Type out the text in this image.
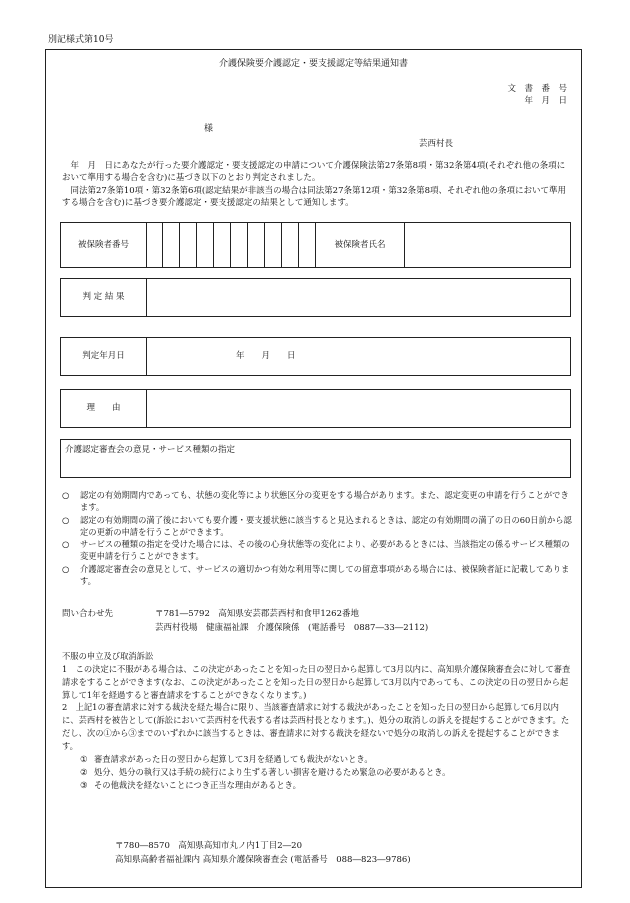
別記様式第10号
介護保険要介護認定・要支援認定等結果通知書
文　書　番　号
年　月　日
様
芸西村長

年　月　日にあなたが行った要介護認定・要支援認定の申請について介護保険法第27条第8項・第32条第4項(それぞれ他の条項において準用する場合を含む)に基づき以下のとおり判定されました。

同法第27条第10項・第32条第6項(認定結果が非該当の場合は同法第27条第12項・第32条第8項、それぞれ他の条項において準用する場合を含む)に基づき要介護認定・要支援認定の結果として通知します。

被保険者番号	被保険者氏名
判 定 結 果
判定年月日	年　　月　　日
理　　由
介護認定審査会の意見・サービス種類の指定
○ 認定の有効期間内であっても、状態の変化等により状態区分の変更をする場合があります。また、認定変更の申請を行うことができます。
○ 認定の有効期間の満了後においても要介護・要支援状態に該当すると見込まれるときは、認定の有効期間の満了の日の60日前から認定の更新の申請を行うことができます。
○ サービスの種類の指定を受けた場合には、その後の心身状態等の変化により、必要があるときには、当該指定の係るサービス種類の変更申請を行うことができます。
○ 介護認定審査会の意見として、サービスの適切かつ有効な利用等に関しての留意事項がある場合には、被保険者証に記載してあります。
問い合わせ先	〒781―5792　高知県安芸郡芸西村和食甲1262番地
芸西村役場　健康福祉課　介護保険係　(電話番号　0887―33―2112)

不服の申立及び取消訴訟

1　この決定に不服がある場合は、この決定があったことを知った日の翌日から起算して3月以内に、高知県介護保険審査会に対して審査請求をすることができます(なお、この決定があったことを知った日の翌日から起算して3月以内であっても、この決定の日の翌日から起算して1年を経過すると審査請求をすることができなくなります。)

2　上記1の審査請求に対する裁決を経た場合に限り、当該審査請求に対する裁決があったことを知った日の翌日から起算して6月以内に、芸西村を被告として(訴訟において芸西村を代表する者は芸西村長となります。)、処分の取消しの訴えを提起することができます。ただし、次の①から③までのいずれかに該当するときは、審査請求に対する裁決を経ないで処分の取消しの訴えを提起することができます。

① 審査請求があった日の翌日から起算して3月を経過しても裁決がないとき。

② 処分、処分の執行又は手続の続行により生ずる著しい損害を避けるため緊急の必要があるとき。

③ その他裁決を経ないことにつき正当な理由があるとき。

〒780―8570　高知県高知市丸ノ内1丁目2―20
高知県高齢者福祉課内 高知県介護保険審査会 (電話番号　088―823―9786)
